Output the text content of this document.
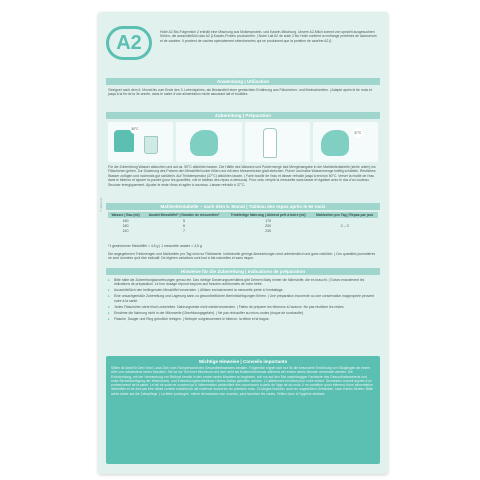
A2	Holle A2 Bio-Folgemilch 2 enthält eine Mischung aus Molkenprotein- und Kasein-Mischung. Unsere A2-Milch kommt von speziell ausgesuchten Kühen, die ausschließlich das A2 β-Kasein-Protein produzieren. | Notre Lait A2 de suite 2 bio Holle contient un mélange protéines de lactosérum et de caséine. Il provient de vaches spécialement sélectionnées qui ne produisent que la protéine de caséine A2 β.
Anwendung | Utilisation
Geeignet nach dem 6. Monat bis zum Ende des 3. Lebensjahres, als Bestandteil einer gemischten Ernährung aus Fläschchen- und Breimahlzeiten. | Adapté après le 6e mois et jusqu'à la fin de la 3e année, dans le cadre d'une alimentation mixte associant lait et bouillies.
Zubereitung | Préparation
50°C
37°C
Für die Zubereitung Wasser abkochen und auf ca. 50°C abkühlen lassen. Die Hälfte des Wassers und Pulvermenge laut Mengenangabe in der Mahlzeitentabelle (siehe unten) ins Fläschchen geben. Zur Dosierung des Pulvers den Messlöffel locker füllen und mit dem Messerrücken glatt streichen. Pulver und halbe Wassermenge kräftig schütteln. Restliches Wasser zufügen und nochmals gut schütteln. Auf Trinktemperatur (37°C) abkühlen lassen. | Faire bouillir de l'eau et laisser refroidir jusqu'à environ 50°C. Verser la moitié de l'eau dans le biberon et ajouter la poudre (pour les quantités, voir le tableau des repas ci-dessous). Pour cela, remplir la mesurette sans tasser et égaliser avec le dos d'un couteau. Secouer énergiquement. Ajouter le reste d'eau et agiter à nouveau. Laisser refroidir à 37°C.
Mahlzeitentabelle – nach dem 6. Monat | Tableau des repas après le 6e mois
Wasser | Eau (ml)	Anzahl Messlöffel* | Nombre de mesurettes*	Trinkfertige Nahrung | Aliment prêt à boire (ml)	Mahlzeiten pro Tag | Repas par jour
150	5	170	
180	6	200	2 – 3
210	7	230	
*1 gestrichener Messlöffel = 4,5 g | 1 mesurette arasée = 4,5 g
Die angegebenen Trinkmengen und Mahlzeiten pro Tag sind nur Richtwerte. Individuelle geringe Abweichungen sind unbedenklich und ganz natürlich. | Ces quantités journalières ne sont données qu'à titre indicatif. De légères variations sont tout à fait naturelles et sans risque.
Hinweise für die Zubereitung | Indications de préparation
▸ Bitte halte die Zubereitungsanweisungen genau ein. Das richtige Dosierungsverhältnis gibt Deinem Baby immer die Nährstoffe, die es braucht. | Suivez exactement les indications de préparation. Le bon dosage répond toujours aux besoins nutritionnels de votre bébé.
▸ Ausschließlich den beiliegenden Messlöffel verwenden. | Utilisez exclusivement la mesurette jointe à l'emballage.
▸ Eine unsachgemäße Zubereitung und Lagerung kann zu gesundheitlichen Beeinträchtigungen führen. | Une préparation incorrecte ou une conservation inappropriée peuvent nuire à la santé.
▸ Jedes Fläschchen stets frisch zubereiten. Nahrungsreste nicht wiederverwenden. | Faites de préparer les biberons à l'avance. Ne pas réutiliser les restes.
▸ Erwärme die Nahrung nicht in der Mikrowelle (Überhitzungsgefahr). | Ne pas réchauffer au micro-ondes (risque de surchauffe).
▸ Flasche, Sauger und Ring gründlich reinigen. | Nettoyer soigneusement le biberon, la tétine et la bague.
Wichtige Hinweise | Conseils importants
Stillen ist ideal für Dein Kind. Lass Dich vom Fachpersonal des Gesundheitswesens beraten. Folgemilch eignet sich nur für die besondere Ernährung von Säuglingen ab einem Alter von mindestens sechs Monaten. Sie ist nur Teil einer Mischkost und darf nicht als Muttermilchersatz während der ersten sechs Monate verwendet werden. Die Entscheidung, mit der Verwendung von Beikost bereits in den ersten sechs Monaten zu beginnen, soll nur auf den Rat unabhängiger Fachleute des Gesundheitswesens und unter Berücksichtigung der Wachstums- und Entwicklungsbedürfnisse Deines Babys getroffen werden. | L'allaitement est idéal pour votre enfant. Demandez conseil auprès d'un professionnel de la santé. Le lait de suite ne convient qu'à l'alimentation particulière des nourrissons à partir de l'âge de six mois. Il ne constitue qu'un élément d'une alimentation diversifiée et ne doit pas être utilisé comme substitut du lait maternel durant les six premiers mois. Zu langes Nuckeln, auch an ungesüßten Getränken, kann Karies fördern. Bitte achte daher auf die Zahnpflege. | La tétée prolongée, même de boissons non sucrées, peut favoriser les caries. Veillez donc à l'hygiène dentaire.
© Hipp/Holle
